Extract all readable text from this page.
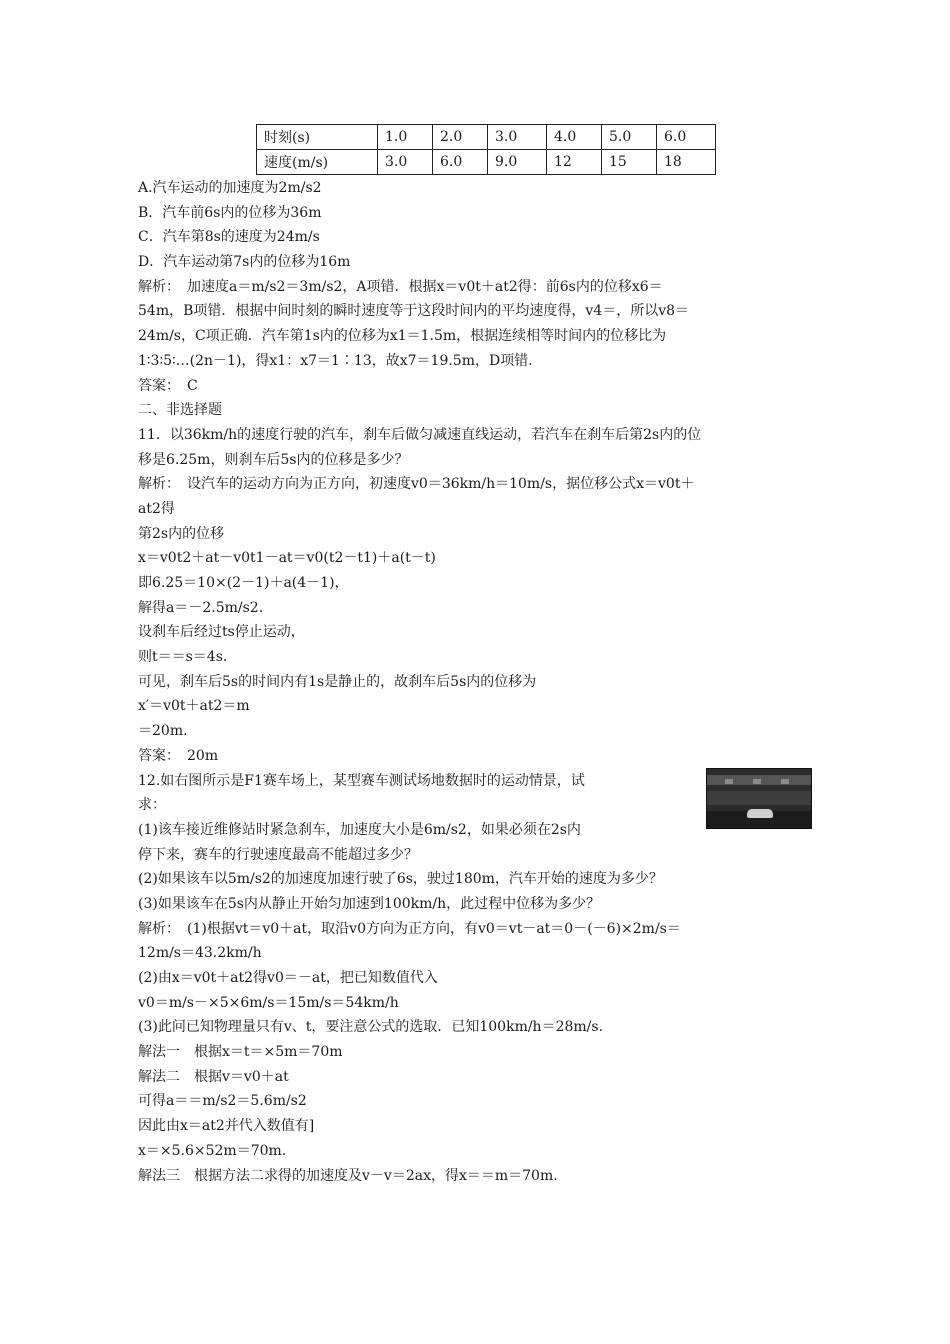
时刻(s)	1.0	2.0	3.0	4.0	5.0	6.0
速度(m/s)	3.0	6.0	9.0	12	15	18
A.汽车运动的加速度为2m/s2
B．汽车前6s内的位移为36m
C．汽车第8s的速度为24m/s
D．汽车运动第7s内的位移为16m
解析：　加速度a＝m/s2＝3m/s2，A项错．根据x＝v0t＋at2得：前6s内的位移x6＝
54m，B项错．根据中间时刻的瞬时速度等于这段时间内的平均速度得，v4＝，所以v8＝
24m/s，C项正确．汽车第1s内的位移为x1＝1.5m，根据连续相等时间内的位移比为
1∶3∶5∶…(2n－1)，得x1：x7＝1∶13，故x7＝19.5m，D项错．
答案：　C
二、非选择题
11．以36km/h的速度行驶的汽车，刹车后做匀减速直线运动，若汽车在刹车后第2s内的位
移是6.25m，则刹车后5s内的位移是多少？
解析：　设汽车的运动方向为正方向，初速度v0＝36km/h＝10m/s，据位移公式x＝v0t＋
at2得
第2s内的位移
x＝v0t2＋at－v0t1－at＝v0(t2－t1)＋a(t－t)
即6.25＝10×(2－1)＋a(4－1)，
解得a＝－2.5m/s2.
设刹车后经过ts停止运动，
则t＝＝s＝4s.
可见，刹车后5s的时间内有1s是静止的，故刹车后5s内的位移为
x′＝v0t＋at2＝m
＝20m.
答案：　20m
12.如右图所示是F1赛车场上，某型赛车测试场地数据时的运动情景，试
求：
(1)该车接近维修站时紧急刹车，加速度大小是6m/s2，如果必须在2s内
停下来，赛车的行驶速度最高不能超过多少？
(2)如果该车以5m/s2的加速度加速行驶了6s，驶过180m，汽车开始的速度为多少？
(3)如果该车在5s内从静止开始匀加速到100km/h，此过程中位移为多少？
解析：　(1)根据vt＝v0＋at，取沿v0方向为正方向，有v0＝vt－at＝0－(－6)×2m/s＝
12m/s＝43.2km/h
(2)由x＝v0t＋at2得v0＝－at，把已知数值代入
v0＝m/s－×5×6m/s＝15m/s＝54km/h
(3)此问已知物理量只有v、t，要注意公式的选取．已知100km/h＝28m/s.
解法一　根据x＝t＝×5m＝70m
解法二　根据v＝v0＋at
可得a＝＝m/s2＝5.6m/s2
因此由x＝at2并代入数值有]
x＝×5.6×52m＝70m.
解法三　根据方法二求得的加速度及v－v＝2ax，得x＝＝m＝70m.
